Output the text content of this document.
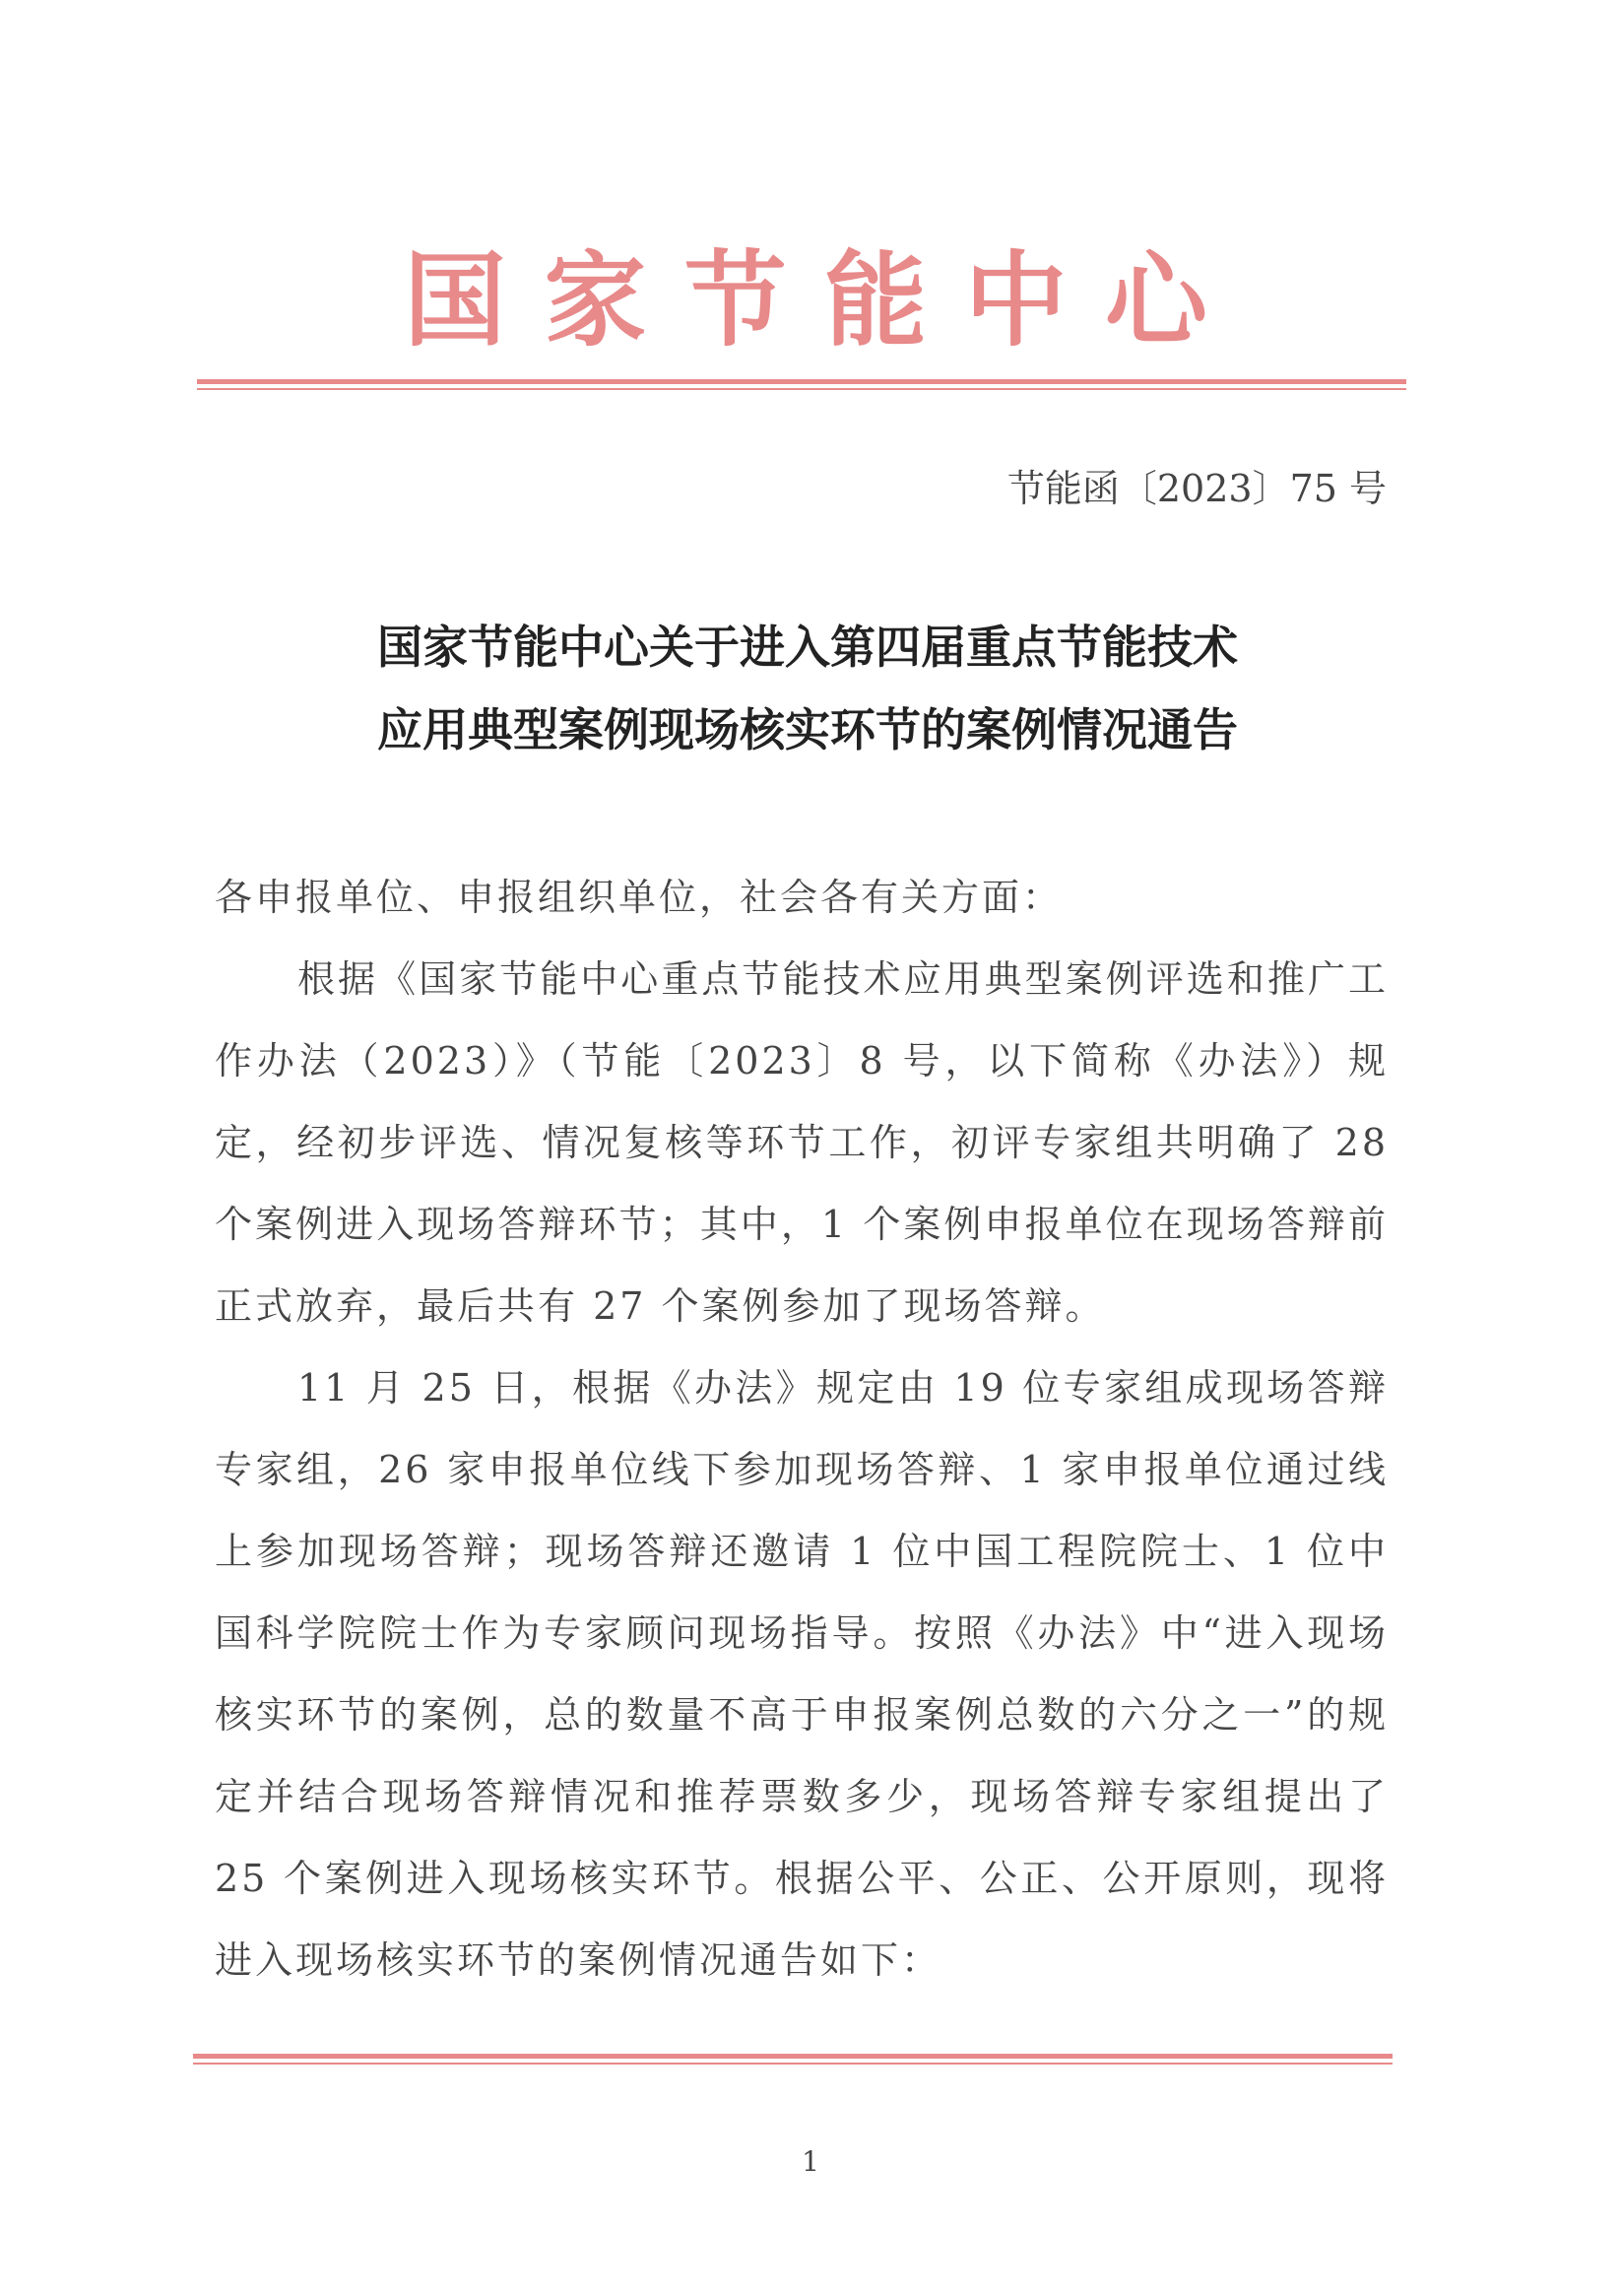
国 家 节 能 中 心
节能函〔2023〕75 号
国家节能中心关于进入第四届重点节能技术
应用典型案例现场核实环节的案例情况通告

各申报单位、申报组织单位，社会各有关方面：

根据《国家节能中心重点节能技术应用典型案例评选和推广工作办法（2023）》（节能〔2023〕8 号，以下简称《办法》）规定，经初步评选、情况复核等环节工作，初评专家组共明确了 28 个案例进入现场答辩环节；其中，1 个案例申报单位在现场答辩前正式放弃，最后共有 27 个案例参加了现场答辩。

11 月 25 日，根据《办法》规定由 19 位专家组成现场答辩专家组，26 家申报单位线下参加现场答辩、1 家申报单位通过线上参加现场答辩；现场答辩还邀请 1 位中国工程院院士、1 位中国科学院院士作为专家顾问现场指导。按照《办法》中“进入现场核实环节的案例，总的数量不高于申报案例总数的六分之一”的规定并结合现场答辩情况和推荐票数多少，现场答辩专家组提出了 25 个案例进入现场核实环节。根据公平、公正、公开原则，现将进入现场核实环节的案例情况通告如下：

1
